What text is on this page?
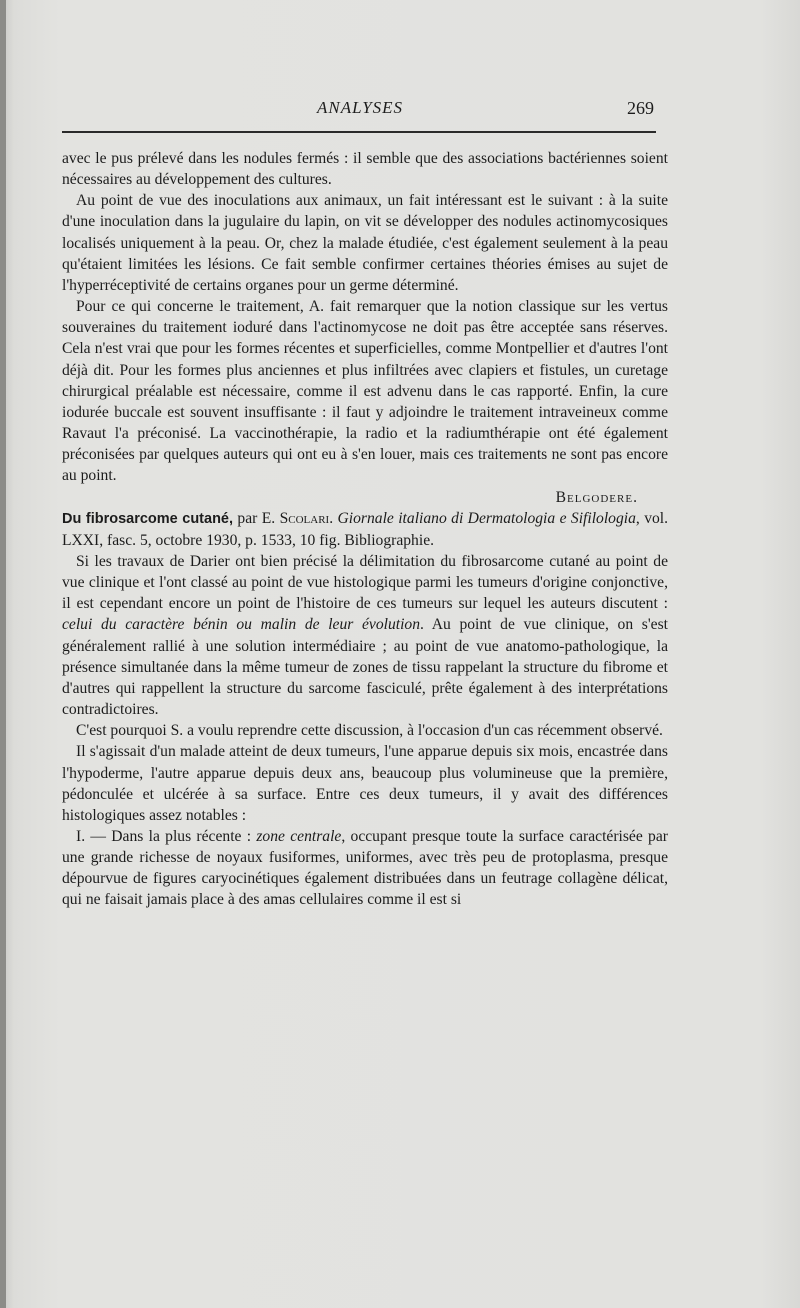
ANALYSES	269

avec le pus prélevé dans les nodules fermés : il semble que des associations bactériennes soient nécessaires au développement des cultures.

Au point de vue des inoculations aux animaux, un fait intéressant est le suivant : à la suite d'une inoculation dans la jugulaire du lapin, on vit se développer des nodules actinomycosiques localisés uniquement à la peau. Or, chez la malade étudiée, c'est également seulement à la peau qu'étaient limitées les lésions. Ce fait semble confirmer certaines théories émises au sujet de l'hyperréceptivité de certains organes pour un germe déterminé.

Pour ce qui concerne le traitement, A. fait remarquer que la notion classique sur les vertus souveraines du traitement ioduré dans l'actinomycose ne doit pas être acceptée sans réserves. Cela n'est vrai que pour les formes récentes et superficielles, comme Montpellier et d'autres l'ont déjà dit. Pour les formes plus anciennes et plus infiltrées avec clapiers et fistules, un curetage chirurgical préalable est nécessaire, comme il est advenu dans le cas rapporté. Enfin, la cure iodurée buccale est souvent insuffisante : il faut y adjoindre le traitement intraveineux comme Ravaut l'a préconisé. La vaccinothérapie, la radio et la radiumthérapie ont été également préconisées par quelques auteurs qui ont eu à s'en louer, mais ces traitements ne sont pas encore au point.

Belgodere.

Du fibrosarcome cutané, par E. Scolari. Giornale italiano di Dermatologia e Sifilologia, vol. LXXI, fasc. 5, octobre 1930, p. 1533, 10 fig. Bibliographie.

Si les travaux de Darier ont bien précisé la délimitation du fibrosarcome cutané au point de vue clinique et l'ont classé au point de vue histologique parmi les tumeurs d'origine conjonctive, il est cependant encore un point de l'histoire de ces tumeurs sur lequel les auteurs discutent : celui du caractère bénin ou malin de leur évolution. Au point de vue clinique, on s'est généralement rallié à une solution intermédiaire ; au point de vue anatomo-pathologique, la présence simultanée dans la même tumeur de zones de tissu rappelant la structure du fibrome et d'autres qui rappellent la structure du sarcome fasciculé, prête également à des interprétations contradictoires.

C'est pourquoi S. a voulu reprendre cette discussion, à l'occasion d'un cas récemment observé.

Il s'agissait d'un malade atteint de deux tumeurs, l'une apparue depuis six mois, encastrée dans l'hypoderme, l'autre apparue depuis deux ans, beaucoup plus volumineuse que la première, pédonculée et ulcérée à sa surface. Entre ces deux tumeurs, il y avait des différences histologiques assez notables :

I. — Dans la plus récente : zone centrale, occupant presque toute la surface caractérisée par une grande richesse de noyaux fusiformes, uniformes, avec très peu de protoplasma, presque dépourvue de figures caryocinétiques également distribuées dans un feutrage collagène délicat, qui ne faisait jamais place à des amas cellulaires comme il est si
